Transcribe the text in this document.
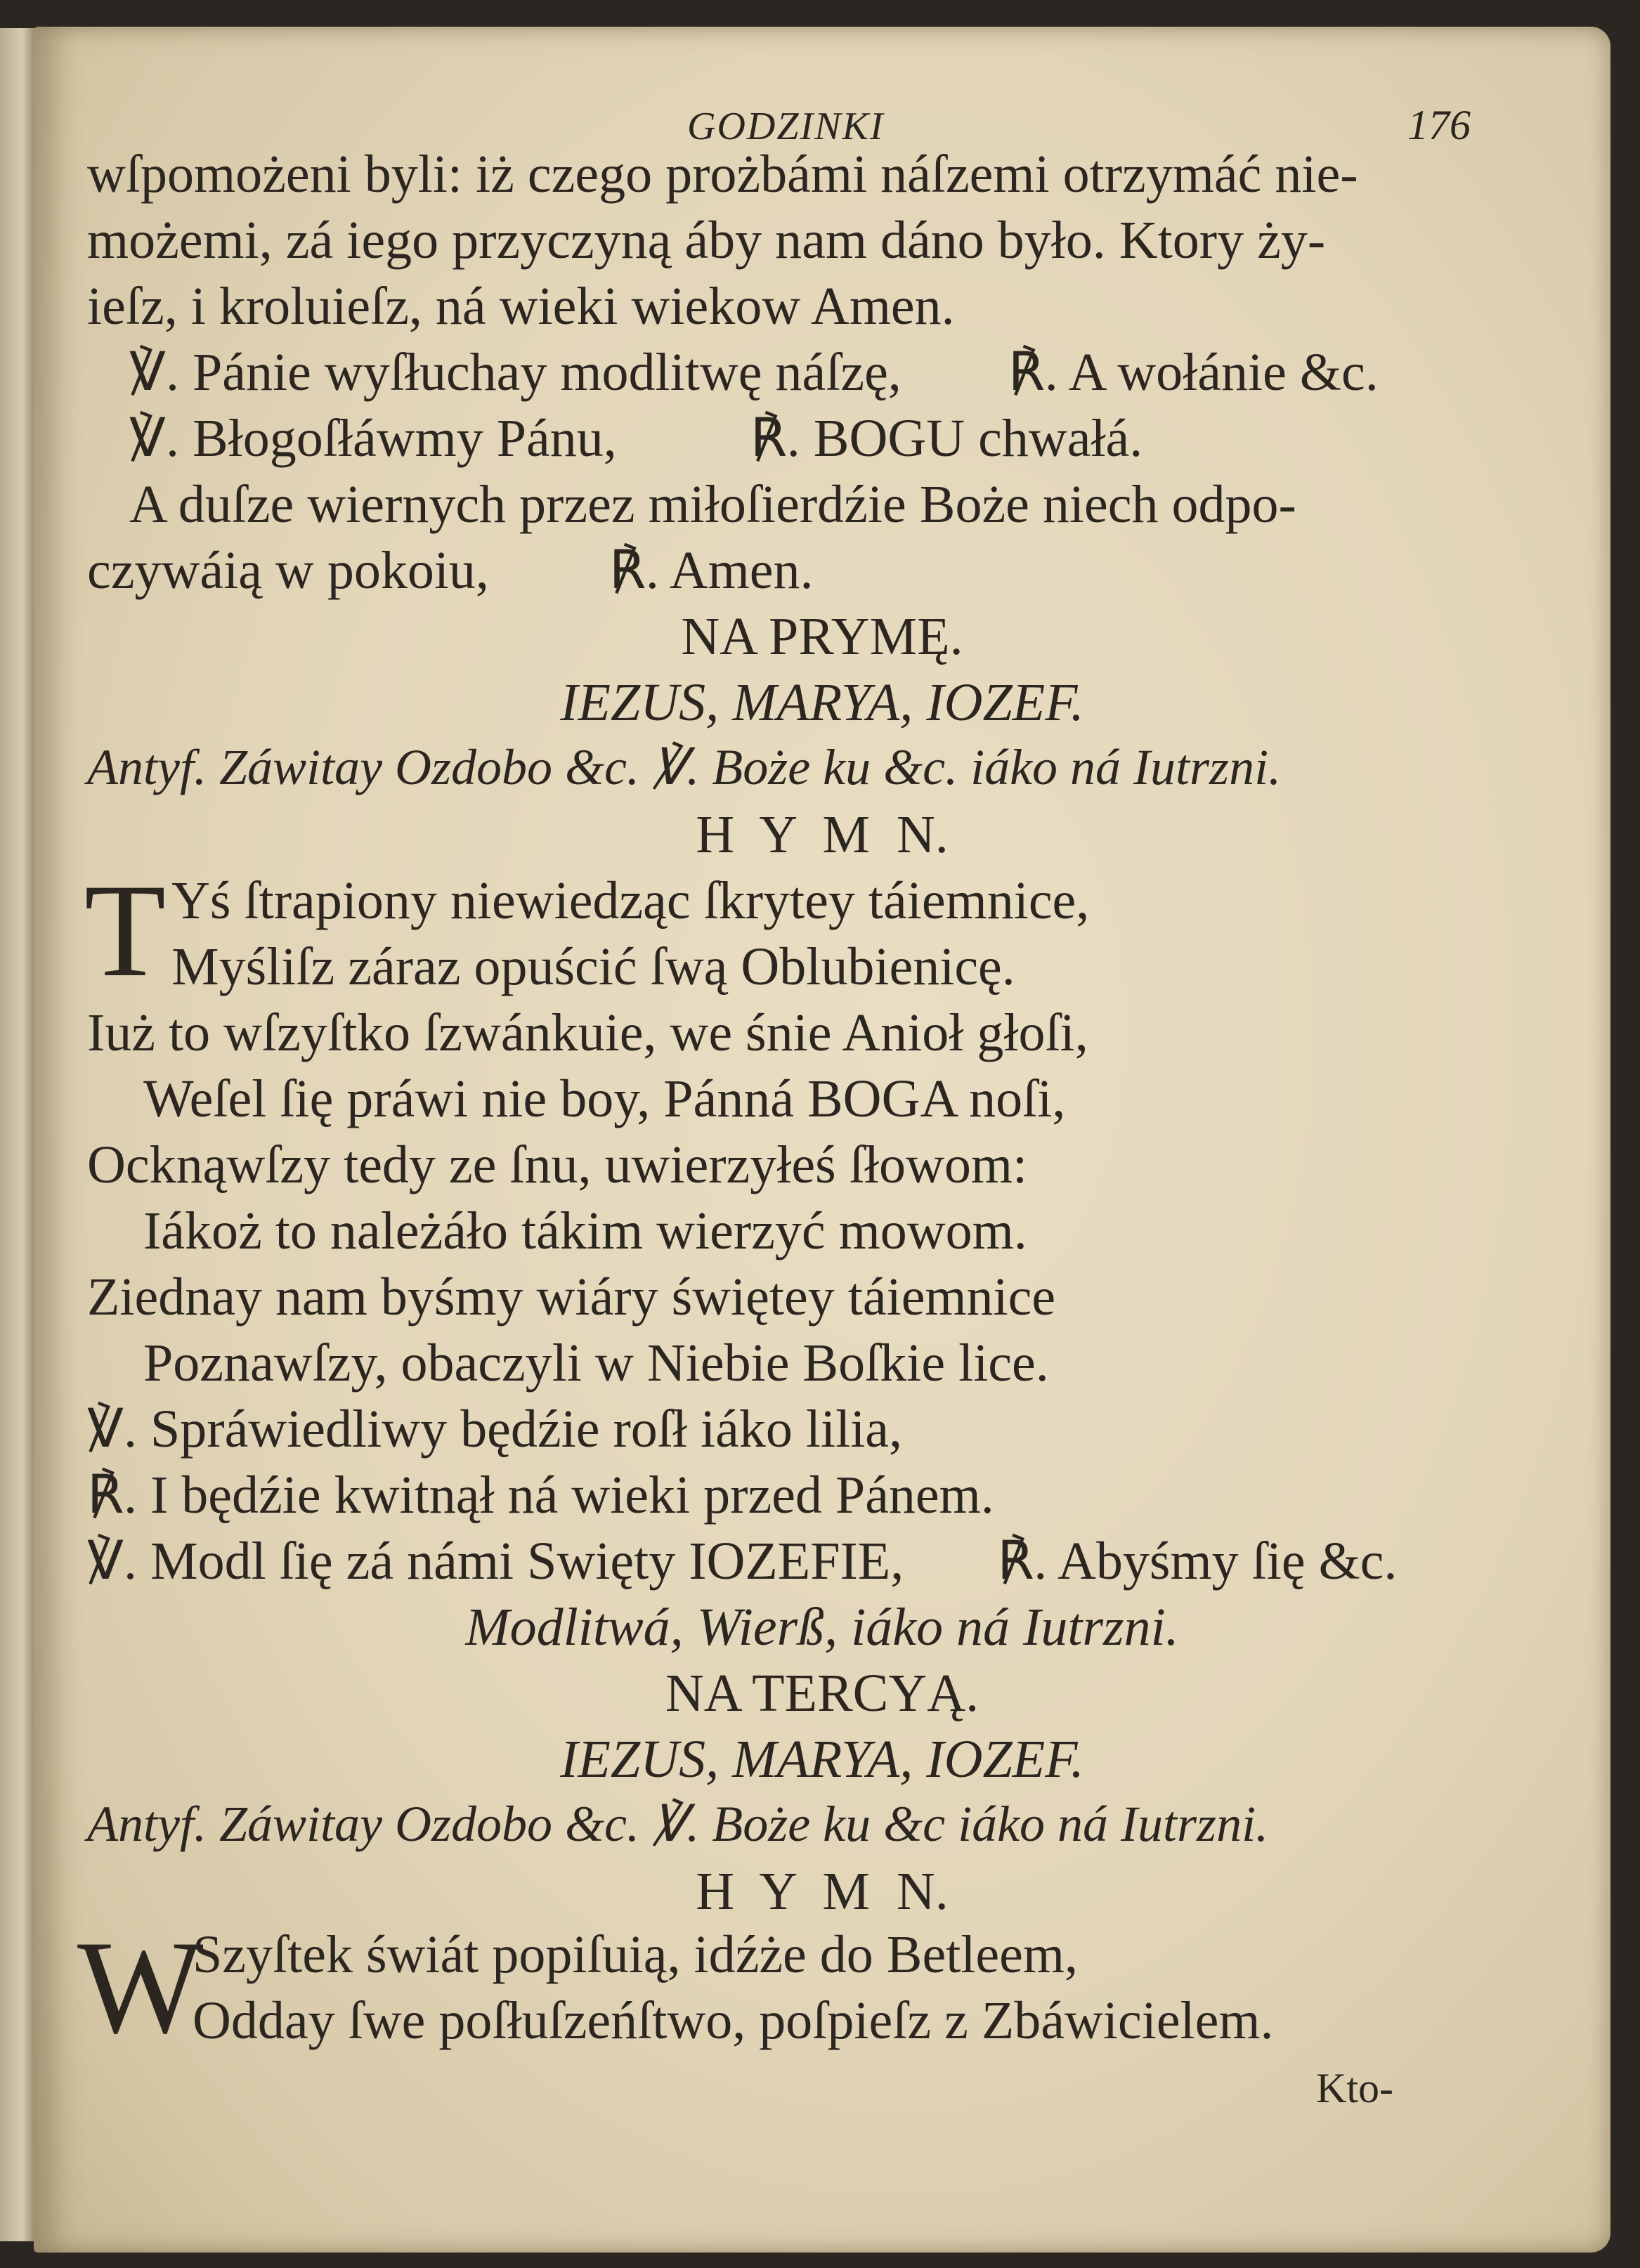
GODZINKI	176
wſpomożeni byli: iż czego prożbámi náſzemi otrzymáć nie-
możemi, zá iego przyczyną áby nam dáno było. Ktory ży-
ieſz, i kroluieſz, ná wieki wiekow Amen.
℣. Pánie wyſłuchay modlitwę náſzę,        ℟. A wołánie &c.
℣. Błogoſłáwmy Pánu,          ℟. BOGU chwałá.
A duſze wiernych przez miłoſierdźie Boże niech odpo-
czywáią w pokoiu,         ℟. Amen.
NA PRYMĘ.
IEZUS, MARYA, IOZEF.
Antyf. Záwitay Ozdobo &c. ℣. Boże ku &c. iáko ná Iutrzni.
H  Y  M  N.
T Yś ſtrapiony niewiedząc ſkrytey táiemnice,
Myśliſz záraz opuścić ſwą Oblubienicę.
Iuż to wſzyſtko ſzwánkuie, we śnie Anioł głoſi,
Weſel ſię práwi nie boy, Pánná BOGA noſi,
Ocknąwſzy tedy ze ſnu, uwierzyłeś ſłowom:
Iákoż to należáło tákim wierzyć mowom.
Ziednay nam byśmy wiáry świętey táiemnice
Poznawſzy, obaczyli w Niebie Boſkie lice.
℣. Spráwiedliwy będźie roſł iáko lilia,
℟. I będźie kwitnął ná wieki przed Pánem.
℣. Modl ſię zá námi Swięty IOZEFIE,       ℟. Abyśmy ſię &c.
Modlitwá, Wierß, iáko ná Iutrzni.
NA TERCYĄ.
IEZUS, MARYA, IOZEF.
Antyf. Záwitay Ozdobo &c. ℣. Boże ku &c iáko ná Iutrzni.
H  Y  M  N.
W
Szyſtek świát popiſuią, idźże do Betleem,
Odday ſwe poſłuſzeńſtwo, poſpieſz z Zbáwicielem.
Kto-
